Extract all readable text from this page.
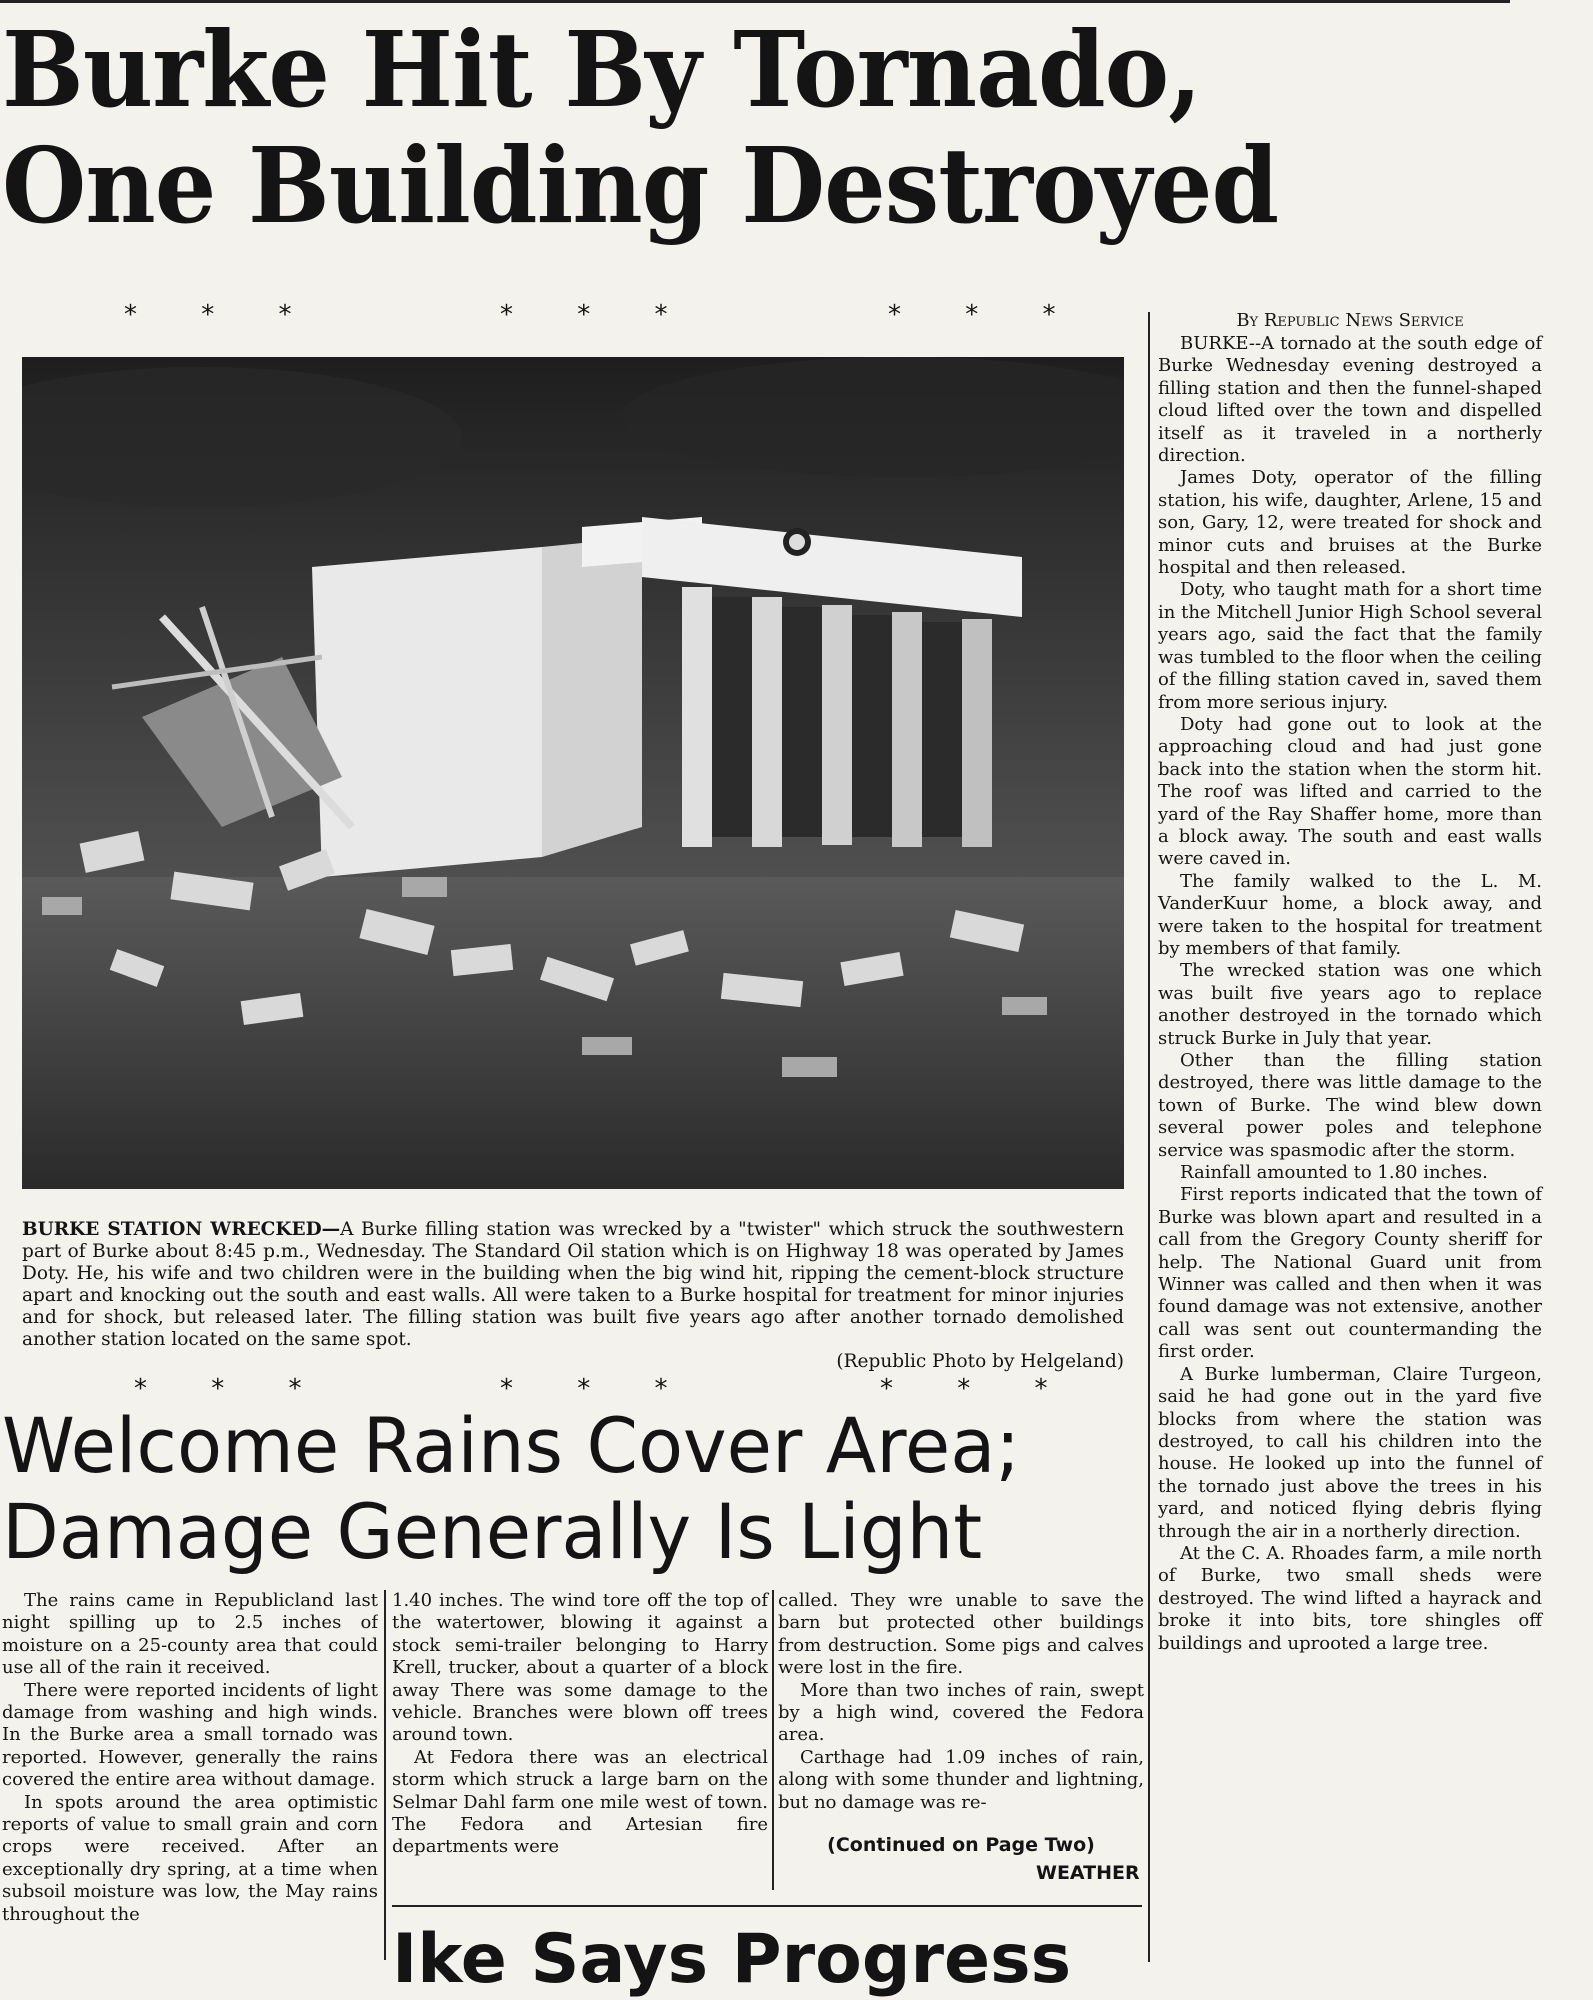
Burke Hit By Tornado,
One Building Destroyed
* * *	* * *	* * *
BURKE STATION WRECKED—A Burke filling station was wrecked by a "twister" which struck the southwestern part of Burke about 8:45 p.m., Wednesday. The Standard Oil station which is on Highway 18 was operated by James Doty. He, his wife and two children were in the building when the big wind hit, ripping the cement-block structure apart and knocking out the south and east walls. All were taken to a Burke hospital for treatment for minor injuries and for shock, but released later. The filling station was built five years ago after another tornado demolished another station located on the same spot.
(Republic Photo by Helgeland)
* * *	* * *	* * *
By Republic News Service

BURKE--A tornado at the south edge of Burke Wednesday evening destroyed a filling station and then the funnel-shaped cloud lifted over the town and dispelled itself as it traveled in a northerly direction.

James Doty, operator of the filling station, his wife, daughter, Arlene, 15 and son, Gary, 12, were treated for shock and minor cuts and bruises at the Burke hospital and then released.

Doty, who taught math for a short time in the Mitchell Junior High School several years ago, said the fact that the family was tumbled to the floor when the ceiling of the filling station caved in, saved them from more serious injury.

Doty had gone out to look at the approaching cloud and had just gone back into the station when the storm hit. The roof was lifted and carried to the yard of the Ray Shaffer home, more than a block away. The south and east walls were caved in.

The family walked to the L. M. VanderKuur home, a block away, and were taken to the hospital for treatment by members of that family.

The wrecked station was one which was built five years ago to replace another destroyed in the tornado which struck Burke in July that year.

Other than the filling station destroyed, there was little damage to the town of Burke. The wind blew down several power poles and telephone service was spasmodic after the storm.

Rainfall amounted to 1.80 inches.

First reports indicated that the town of Burke was blown apart and resulted in a call from the Gregory County sheriff for help. The National Guard unit from Winner was called and then when it was found damage was not extensive, another call was sent out countermanding the first order.

A Burke lumberman, Claire Turgeon, said he had gone out in the yard five blocks from where the station was destroyed, to call his children into the house. He looked up into the funnel of the tornado just above the trees in his yard, and noticed flying debris flying through the air in a northerly direction.

At the C. A. Rhoades farm, a mile north of Burke, two small sheds were destroyed. The wind lifted a hayrack and broke it into bits, tore shingles off buildings and uprooted a large tree.

Welcome Rains Cover Area;
Damage Generally Is Light

The rains came in Republicland last night spilling up to 2.5 inches of moisture on a 25-county area that could use all of the rain it received.

There were reported incidents of light damage from washing and high winds. In the Burke area a small tornado was reported. However, generally the rains covered the entire area without damage.

In spots around the area optimistic reports of value to small grain and corn crops were received. After an exceptionally dry spring, at a time when subsoil moisture was low, the May rains throughout the

1.40 inches. The wind tore off the top of the watertower, blowing it against a stock semi-trailer belonging to Harry Krell, trucker, about a quarter of a block away There was some damage to the vehicle. Branches were blown off trees around town.

At Fedora there was an electrical storm which struck a large barn on the Selmar Dahl farm one mile west of town. The Fedora and Artesian fire departments were

called. They wre unable to save the barn but protected other buildings from destruction. Some pigs and calves were lost in the fire.

More than two inches of rain, swept by a high wind, covered the Fedora area.

Carthage had 1.09 inches of rain, along with some thunder and lightning, but no damage was re-

(Continued on Page Two)
WEATHER
Ike Says Progress
